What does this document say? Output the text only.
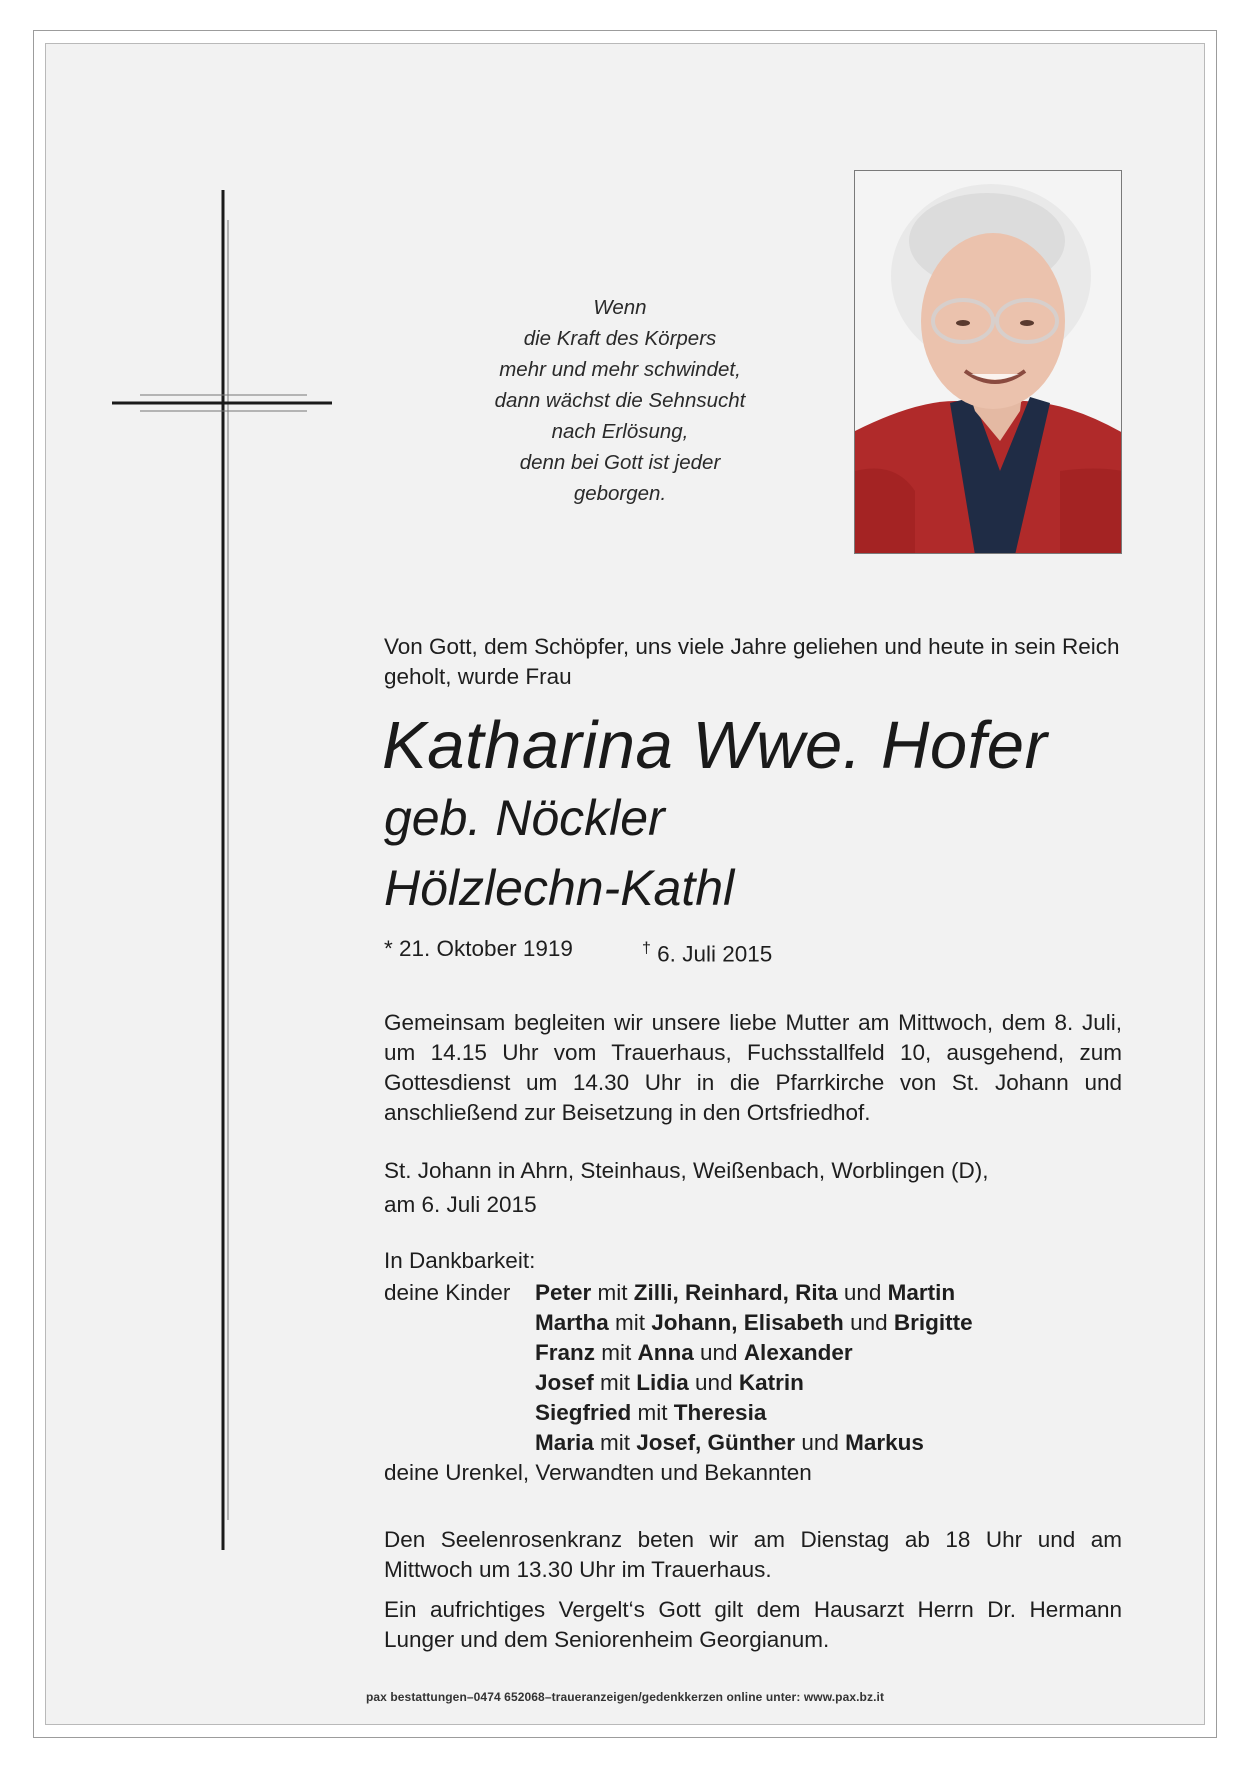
Wenn
die Kraft des Körpers
mehr und mehr schwindet,
dann wächst die Sehnsucht
nach Erlösung,
denn bei Gott ist jeder
geborgen.
Von Gott, dem Schöpfer, uns viele Jahre geliehen und heute in sein Reich geholt, wurde Frau
Katharina Wwe. Hofer
geb. Nöckler
Hölzlechn-Kathl
* 21. Oktober 1919	† 6. Juli 2015
Gemeinsam begleiten wir unsere liebe Mutter am Mittwoch, dem 8. Juli, um 14.15 Uhr vom Trauerhaus, Fuchsstallfeld 10, ausgehend, zum Gottesdienst um 14.30 Uhr in die Pfarrkirche von St. Johann und anschließend zur Beisetzung in den Ortsfriedhof.
St. Johann in Ahrn, Steinhaus, Weißenbach, Worblingen (D),
am 6. Juli 2015
In Dankbarkeit:
deine Kinder Peter mit Zilli, Reinhard, Rita und Martin
Martha mit Johann, Elisabeth und Brigitte
Franz mit Anna und Alexander
Josef mit Lidia und Katrin
Siegfried mit Theresia
Maria mit Josef, Günther und Markus
deine Urenkel, Verwandten und Bekannten
Den Seelenrosenkranz beten wir am Dienstag ab 18 Uhr und am Mittwoch um 13.30 Uhr im Trauerhaus.
Ein aufrichtiges Vergelt‘s Gott gilt dem Hausarzt Herrn Dr. Hermann Lunger und dem Seniorenheim Georgianum.
pax bestattungen–0474 652068–traueranzeigen/gedenkkerzen online unter: www.pax.bz.it
